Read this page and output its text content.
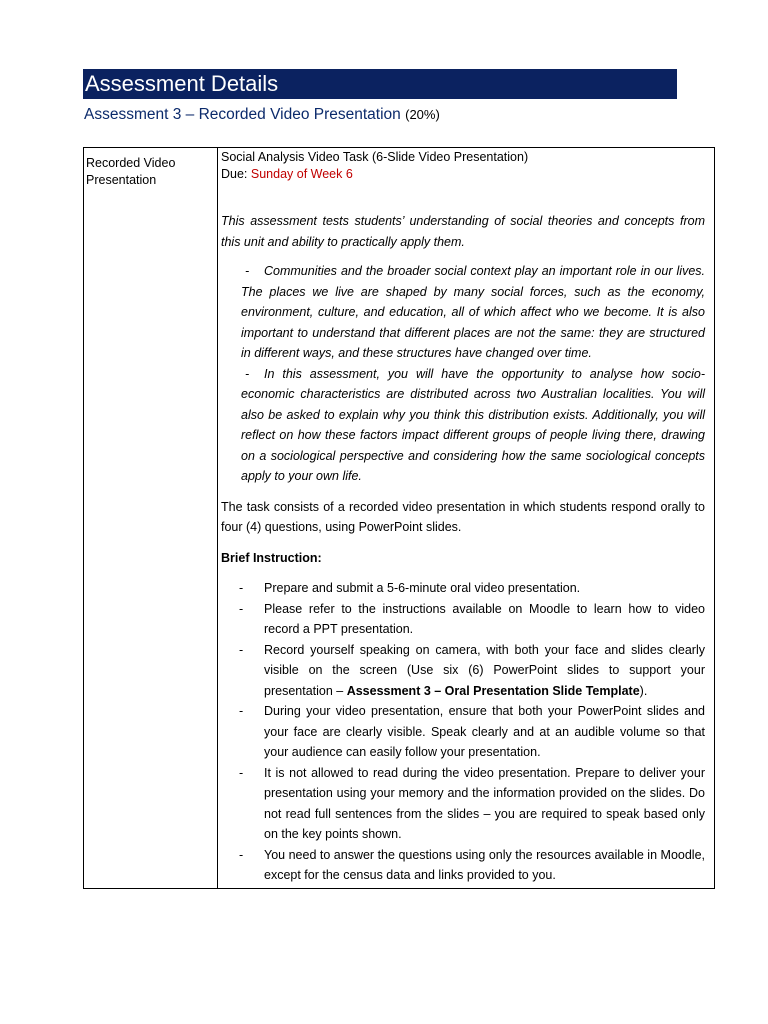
Assessment Details
Assessment 3 – Recorded Video Presentation (20%)
Recorded Video Presentation

Social Analysis Video Task (6-Slide Video Presentation)

Due: Sunday of Week 6

This assessment tests students’ understanding of social theories and concepts from this unit and ability to practically apply them.

- Communities and the broader social context play an important role in our lives. The places we live are shaped by many social forces, such as the economy, environment, culture, and education, all of which affect who we become. It is also important to understand that different places are not the same: they are structured in different ways, and these structures have changed over time.

- In this assessment, you will have the opportunity to analyse how socio-economic characteristics are distributed across two Australian localities. You will also be asked to explain why you think this distribution exists. Additionally, you will reflect on how these factors impact different groups of people living there, drawing on a sociological perspective and considering how the same sociological concepts apply to your own life.

The task consists of a recorded video presentation in which students respond orally to four (4) questions, using PowerPoint slides.

Brief Instruction:

- Prepare and submit a 5-6-minute oral video presentation.
- Please refer to the instructions available on Moodle to learn how to video record a PPT presentation.
- Record yourself speaking on camera, with both your face and slides clearly visible on the screen (Use six (6) PowerPoint slides to support your presentation – Assessment 3 – Oral Presentation Slide Template).
- During your video presentation, ensure that both your PowerPoint slides and your face are clearly visible. Speak clearly and at an audible volume so that your audience can easily follow your presentation.
- It is not allowed to read during the video presentation. Prepare to deliver your presentation using your memory and the information provided on the slides. Do not read full sentences from the slides – you are required to speak based only on the key points shown.
- You need to answer the questions using only the resources available in Moodle, except for the census data and links provided to you.
